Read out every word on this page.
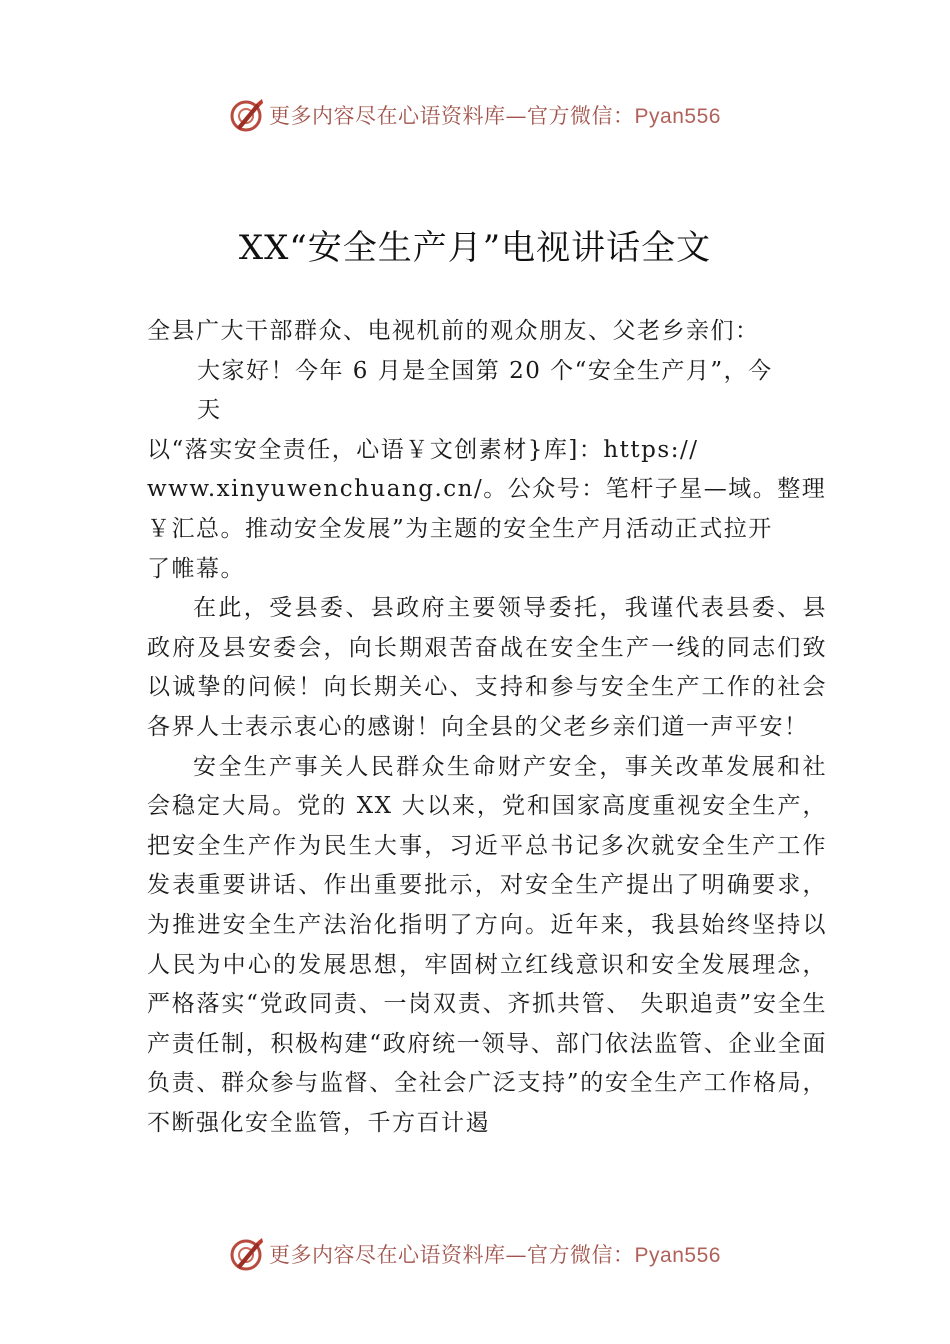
更多内容尽在心语资料库—官方微信：Pyan556
XX“安全生产月”电视讲话全文

全县广大干部群众、电视机前的观众朋友、父老乡亲们：

大家好！今年 6 月是全国第 20 个“安全生产月”，今
天
以“落实安全责任，心语￥文创素材}库]：https://
www.xinyuwenchuang.cn/。公众号：笔杆子星—域。整理
￥汇总。推动安全发展”为主题的安全生产月活动正式拉开
了帷幕。

在此，受县委、县政府主要领导委托，我谨代表县委、县政府及县安委会，向长期艰苦奋战在安全生产一线的同志们致以诚挚的问候！向长期关心、支持和参与安全生产工作的社会各界人士表示衷心的感谢！向全县的父老乡亲们道一声平安！

安全生产事关人民群众生命财产安全，事关改革发展和社会稳定大局。党的 XX 大以来，党和国家高度重视安全生产，把安全生产作为民生大事，习近平总书记多次就安全生产工作发表重要讲话、作出重要批示，对安全生产提出了明确要求，为推进安全生产法治化指明了方向。近年来，我县始终坚持以人民为中心的发展思想，牢固树立红线意识和安全发展理念，严格落实“党政同责、一岗双责、齐抓共管、 失职追责”安全生产责任制，积极构建“政府统一领导、部门依法监管、企业全面负责、群众参与监督、全社会广泛支持”的安全生产工作格局，不断强化安全监管，千方百计遏

更多内容尽在心语资料库—官方微信：Pyan556
